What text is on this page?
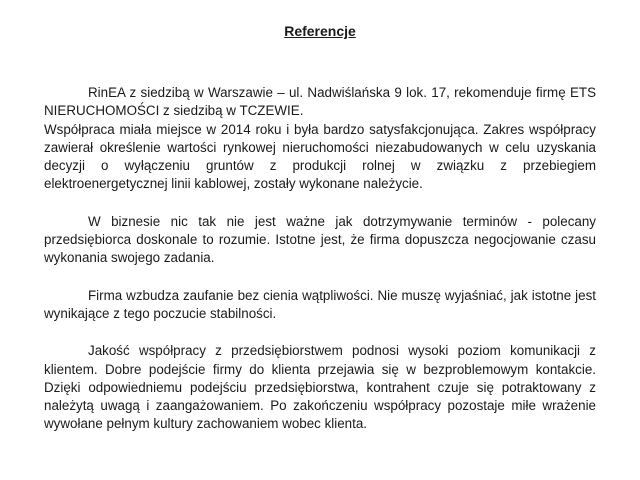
Referencje

RinEA z siedzibą w Warszawie – ul. Nadwiślańska 9 lok. 17, rekomenduje firmę ETS NIERUCHOMOŚCI z siedzibą w TCZEWIE.

Współpraca miała miejsce w 2014 roku i była bardzo satysfakcjonująca. Zakres współpracy zawierał określenie wartości rynkowej nieruchomości niezabudowanych w celu uzyskania decyzji o wyłączeniu gruntów z produkcji rolnej w związku z przebiegiem elektroenergetycznej linii kablowej, zostały wykonane należycie.

W biznesie nic tak nie jest ważne jak dotrzymywanie terminów - polecany przedsiębiorca doskonale to rozumie. Istotne jest, że firma dopuszcza negocjowanie czasu wykonania swojego zadania.

Firma wzbudza zaufanie bez cienia wątpliwości. Nie muszę wyjaśniać, jak istotne jest wynikające z tego poczucie stabilności.

Jakość współpracy z przedsiębiorstwem podnosi wysoki poziom komunikacji z klientem. Dobre podejście firmy do klienta przejawia się w bezproblemowym kontakcie. Dzięki odpowiedniemu podejściu przedsiębiorstwa, kontrahent czuje się potraktowany z należytą uwagą i zaangażowaniem. Po zakończeniu współpracy pozostaje miłe wrażenie wywołane pełnym kultury zachowaniem wobec klienta.
